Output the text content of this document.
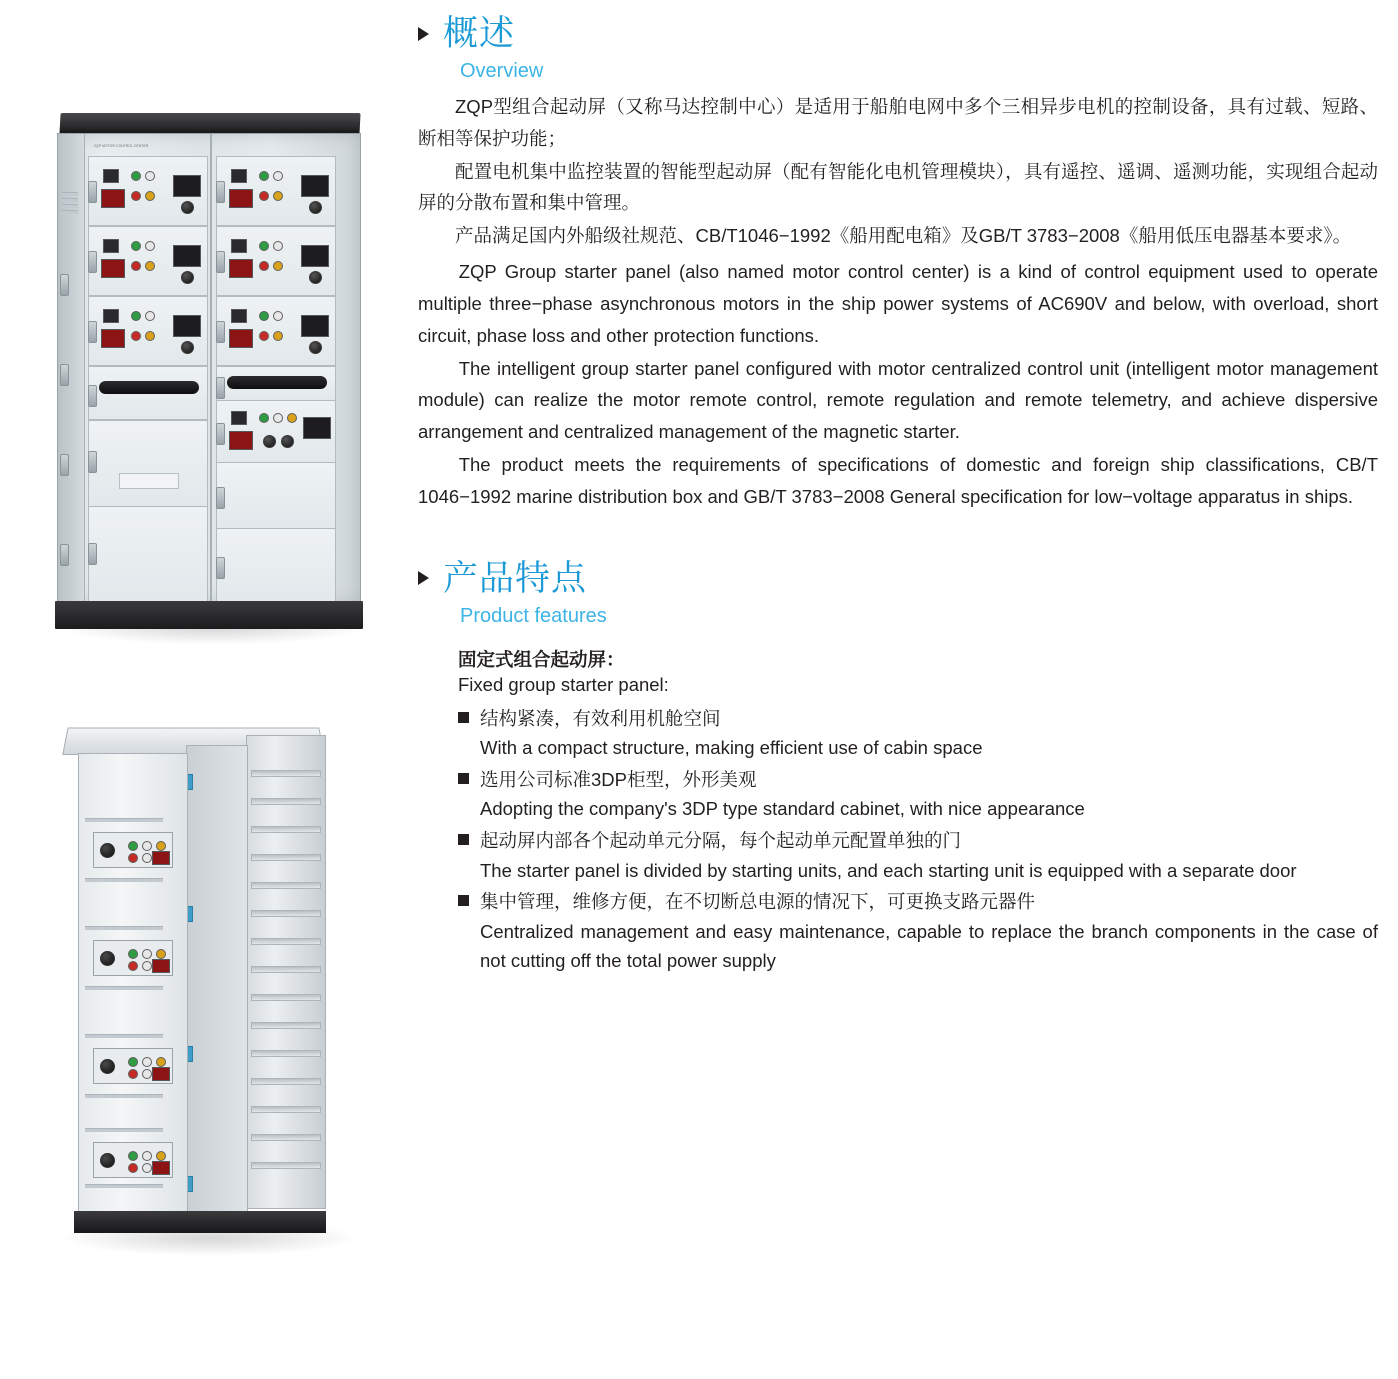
ZQP MOTOR CONTROL CENTER
概述
Overview

ZQP型组合起动屏（又称马达控制中心）是适用于船舶电网中多个三相异步电机的控制设备，具有过载、短路、断相等保护功能；

配置电机集中监控装置的智能型起动屏（配有智能化电机管理模块），具有遥控、遥调、遥测功能，实现组合起动屏的分散布置和集中管理。

产品满足国内外船级社规范、CB/T1046−1992《船用配电箱》及GB/T 3783−2008《船用低压电器基本要求》。

ZQP Group starter panel (also named motor control center) is a kind of control equipment used to operate multiple three−phase asynchronous motors in the ship power systems of AC690V and below, with overload, short circuit, phase loss and other protection functions.

The intelligent group starter panel configured with motor centralized control unit (intelligent motor management module) can realize the motor remote control, remote regulation and remote telemetry, and achieve dispersive arrangement and centralized management of the magnetic starter.

The product meets the requirements of specifications of domestic and foreign ship classifications, CB/T 1046−1992 marine distribution box and GB/T 3783−2008 General specification for low−voltage apparatus in ships.

产品特点
Product features
固定式组合起动屏：
Fixed group starter panel:
结构紧凑，有效利用机舱空间
With a compact structure, making efficient use of cabin space
选用公司标准3DP柜型，外形美观
Adopting the company's 3DP type standard cabinet, with nice appearance
起动屏内部各个起动单元分隔，每个起动单元配置单独的门
The starter panel is divided by starting units, and each starting unit is equipped with a separate door
集中管理，维修方便，在不切断总电源的情况下，可更换支路元器件
Centralized management and easy maintenance, capable to replace the branch components in the case of not cutting off the total power supply
